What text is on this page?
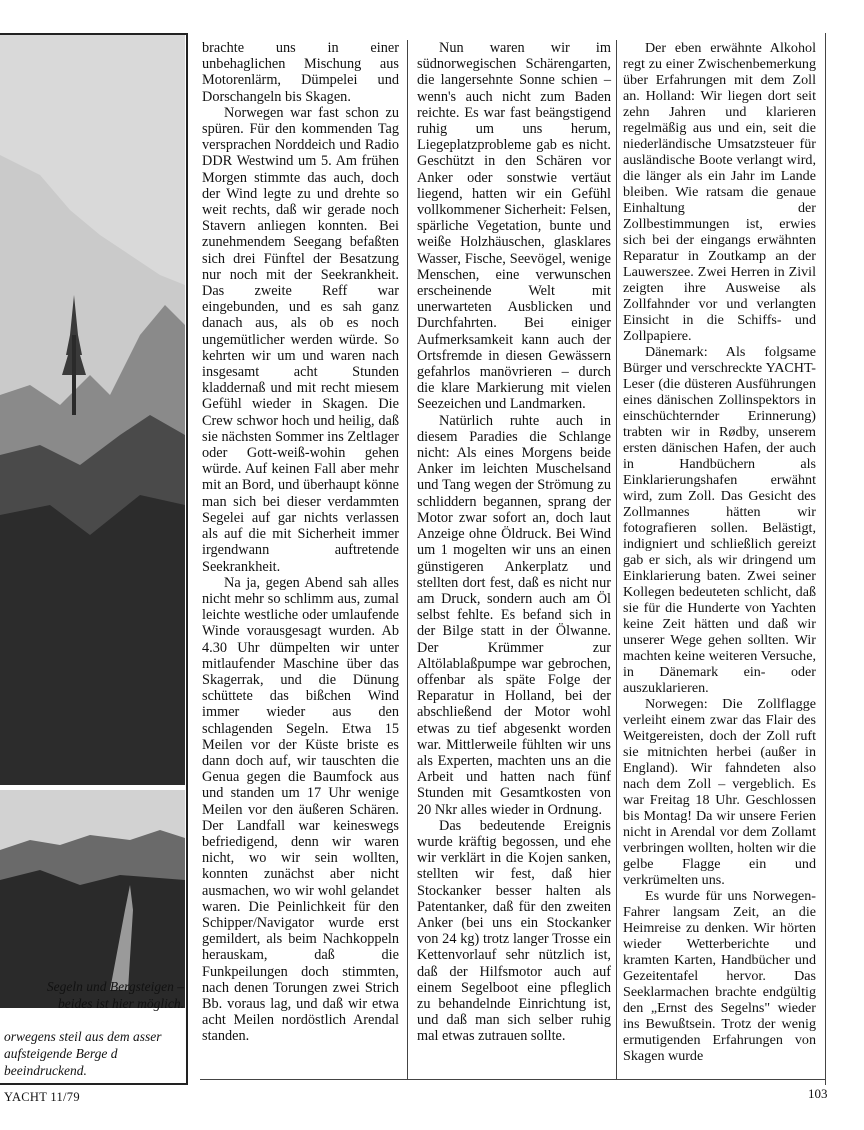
Segeln und Bergsteigen – beides ist hier möglich.
orwegens steil aus dem asser aufsteigende Berge d beeindruckend.

brachte uns in einer unbehaglichen Mischung aus Motorenlärm, Dümpelei und Dorschangeln bis Skagen.

Norwegen war fast schon zu spüren. Für den kommenden Tag versprachen Norddeich und Radio DDR Westwind um 5. Am frühen Morgen stimmte das auch, doch der Wind legte zu und drehte so weit rechts, daß wir gerade noch Stavern anliegen konnten. Bei zunehmendem Seegang befaßten sich drei Fünftel der Besatzung nur noch mit der Seekrankheit. Das zweite Reff war eingebunden, und es sah ganz danach aus, als ob es noch ungemütlicher werden würde. So kehrten wir um und waren nach insgesamt acht Stunden kladdernaß und mit recht miesem Gefühl wieder in Skagen. Die Crew schwor hoch und heilig, daß sie nächsten Sommer ins Zeltlager oder Gott-weiß-wohin gehen würde. Auf keinen Fall aber mehr mit an Bord, und überhaupt könne man sich bei dieser verdammten Segelei auf gar nichts verlassen als auf die mit Sicherheit immer irgendwann auftretende Seekrankheit.

Na ja, gegen Abend sah alles nicht mehr so schlimm aus, zumal leichte westliche oder umlaufende Winde vorausgesagt wurden. Ab 4.30 Uhr dümpelten wir unter mitlaufender Maschine über das Skagerrak, und die Dünung schüttete das bißchen Wind immer wieder aus den schlagenden Segeln. Etwa 15 Meilen vor der Küste briste es dann doch auf, wir tauschten die Genua gegen die Baumfock aus und standen um 17 Uhr wenige Meilen vor den äußeren Schären. Der Landfall war keineswegs befriedigend, denn wir waren nicht, wo wir sein wollten, konnten zunächst aber nicht ausmachen, wo wir wohl gelandet waren. Die Peinlichkeit für den Schipper/Navigator wurde erst gemildert, als beim Nachkoppeln herauskam, daß die Funkpeilungen doch stimmten, nach denen Torungen zwei Strich Bb. voraus lag, und daß wir etwa acht Meilen nordöstlich Arendal standen.

Nun waren wir im südnorwegischen Schärengarten, die langersehnte Sonne schien – wenn's auch nicht zum Baden reichte. Es war fast beängstigend ruhig um uns herum, Liegeplatzprobleme gab es nicht. Geschützt in den Schären vor Anker oder sonstwie vertäut liegend, hatten wir ein Gefühl vollkommener Sicherheit: Felsen, spärliche Vegetation, bunte und weiße Holzhäuschen, glasklares Wasser, Fische, Seevögel, wenige Menschen, eine verwunschen erscheinende Welt mit unerwarteten Ausblicken und Durchfahrten. Bei einiger Aufmerksamkeit kann auch der Ortsfremde in diesen Gewässern gefahrlos manövrieren – durch die klare Markierung mit vielen Seezeichen und Landmarken.

Natürlich ruhte auch in diesem Paradies die Schlange nicht: Als eines Morgens beide Anker im leichten Muschelsand und Tang wegen der Strömung zu schliddern begannen, sprang der Motor zwar sofort an, doch laut Anzeige ohne Öldruck. Bei Wind um 1 mogelten wir uns an einen günstigeren Ankerplatz und stellten dort fest, daß es nicht nur am Druck, sondern auch am Öl selbst fehlte. Es befand sich in der Bilge statt in der Ölwanne. Der Krümmer zur Altölablaßpumpe war gebrochen, offenbar als späte Folge der Reparatur in Holland, bei der abschließend der Motor wohl etwas zu tief abgesenkt worden war. Mittlerweile fühlten wir uns als Experten, machten uns an die Arbeit und hatten nach fünf Stunden mit Gesamtkosten von 20 Nkr alles wieder in Ordnung.

Das bedeutende Ereignis wurde kräftig begossen, und ehe wir verklärt in die Kojen sanken, stellten wir fest, daß hier Stockanker besser halten als Patentanker, daß für den zweiten Anker (bei uns ein Stockanker von 24 kg) trotz langer Trosse ein Kettenvorlauf sehr nützlich ist, daß der Hilfsmotor auch auf einem Segelboot eine pfleglich zu behandelnde Einrichtung ist, und daß man sich selber ruhig mal etwas zutrauen sollte.

Der eben erwähnte Alkohol regt zu einer Zwischenbemerkung über Erfahrungen mit dem Zoll an. Holland: Wir liegen dort seit zehn Jahren und klarieren regelmäßig aus und ein, seit die niederländische Umsatzsteuer für ausländische Boote verlangt wird, die länger als ein Jahr im Lande bleiben. Wie ratsam die genaue Einhaltung der Zollbestimmungen ist, erwies sich bei der eingangs erwähnten Reparatur in Zoutkamp an der Lauwerszee. Zwei Herren in Zivil zeigten ihre Ausweise als Zollfahnder vor und verlangten Einsicht in die Schiffs- und Zollpapiere.

Dänemark: Als folgsame Bürger und verschreckte YACHT-Leser (die düsteren Ausführungen eines dänischen Zollinspektors in einschüchternder Erinnerung) trabten wir in Rødby, unserem ersten dänischen Hafen, der auch in Handbüchern als Einklarierungshafen erwähnt wird, zum Zoll. Das Gesicht des Zollmannes hätten wir fotografieren sollen. Belästigt, indigniert und schließlich gereizt gab er sich, als wir dringend um Einklarierung baten. Zwei seiner Kollegen bedeuteten schlicht, daß sie für die Hunderte von Yachten keine Zeit hätten und daß wir unserer Wege gehen sollten. Wir machten keine weiteren Versuche, in Dänemark ein- oder auszuklarieren.

Norwegen: Die Zollflagge verleiht einem zwar das Flair des Weitgereisten, doch der Zoll ruft sie mitnichten herbei (außer in England). Wir fahndeten also nach dem Zoll – vergeblich. Es war Freitag 18 Uhr. Geschlossen bis Montag! Da wir unsere Ferien nicht in Arendal vor dem Zollamt verbringen wollten, holten wir die gelbe Flagge ein und verkrümelten uns.

Es wurde für uns Norwegen-Fahrer langsam Zeit, an die Heimreise zu denken. Wir hörten wieder Wetterberichte und kramten Karten, Handbücher und Gezeitentafel hervor. Das Seeklarmachen brachte endgültig den „Ernst des Segelns" wieder ins Bewußtsein. Trotz der wenig ermutigenden Erfahrungen von Skagen wurde

YACHT 11/79	103
